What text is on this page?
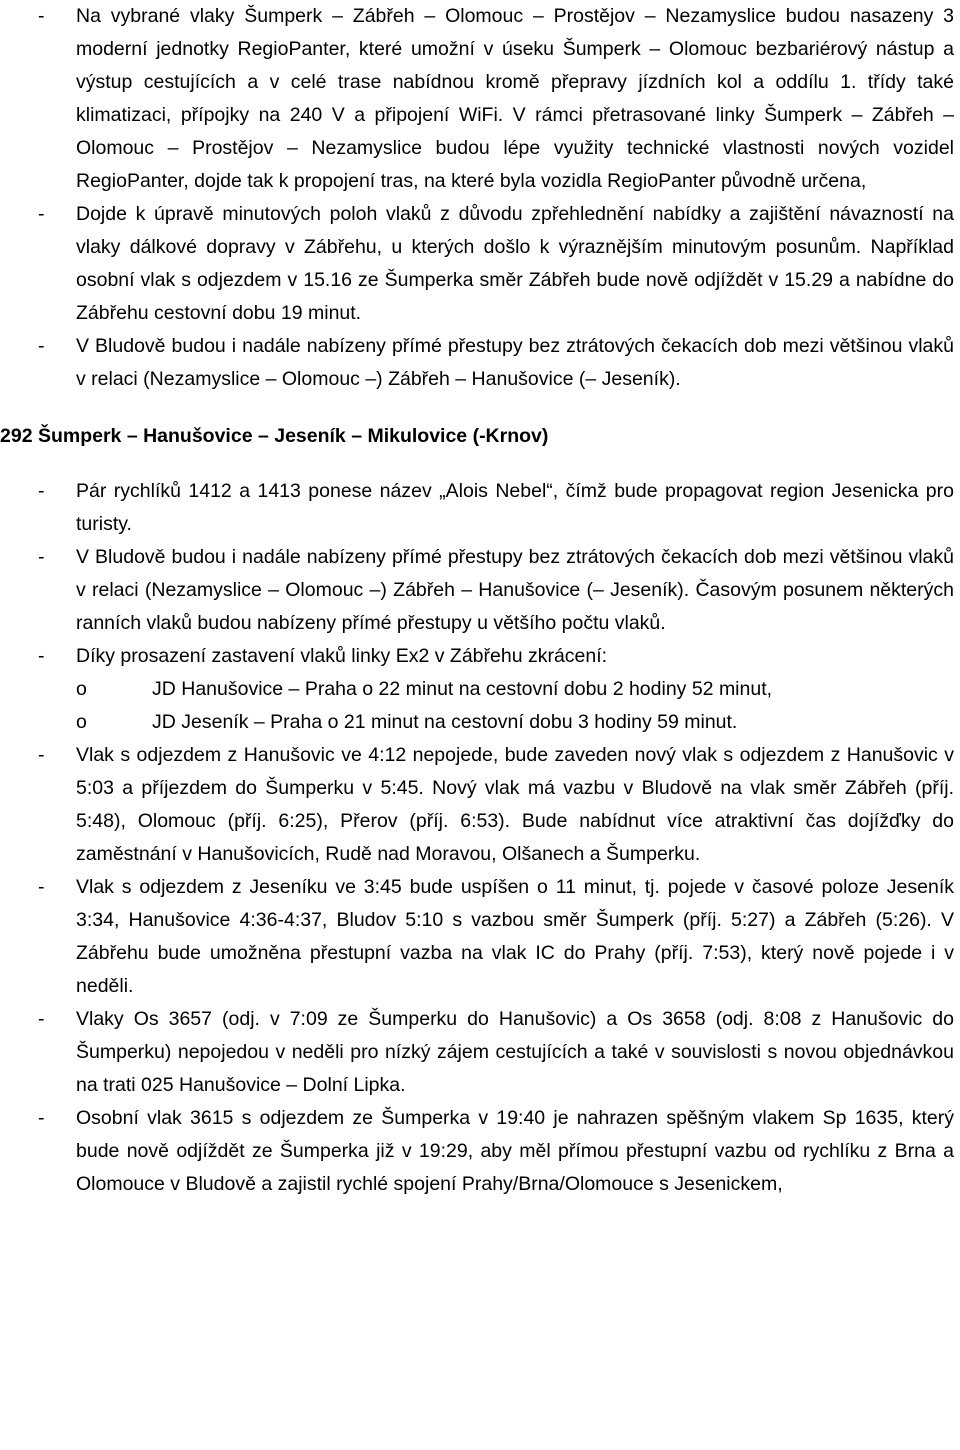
- Na vybrané vlaky Šumperk – Zábřeh – Olomouc – Prostějov – Nezamyslice budou nasazeny 3 moderní jednotky RegioPanter, které umožní v úseku Šumperk – Olomouc bezbariérový nástup a výstup cestujících a v celé trase nabídnou kromě přepravy jízdních kol a oddílu 1. třídy také klimatizaci, přípojky na 240 V a připojení WiFi. V rámci přetrasované linky Šumperk – Zábřeh – Olomouc – Prostějov – Nezamyslice budou lépe využity technické vlastnosti nových vozidel RegioPanter, dojde tak k propojení tras, na které byla vozidla RegioPanter původně určena,
- Dojde k úpravě minutových poloh vlaků z důvodu zpřehlednění nabídky a zajištění návazností na vlaky dálkové dopravy v Zábřehu, u kterých došlo k výraznějším minutovým posunům. Například osobní vlak s odjezdem v 15.16 ze Šumperka směr Zábřeh bude nově odjíždět v 15.29 a nabídne do Zábřehu cestovní dobu 19 minut.
- V Bludově budou i nadále nabízeny přímé přestupy bez ztrátových čekacích dob mezi většinou vlaků v relaci (Nezamyslice – Olomouc –) Zábřeh – Hanušovice (– Jeseník).
292 Šumperk – Hanušovice – Jeseník – Mikulovice (-Krnov)
- Pár rychlíků 1412 a 1413 ponese název „Alois Nebel“, čímž bude propagovat region Jesenicka pro turisty.
- V Bludově budou i nadále nabízeny přímé přestupy bez ztrátových čekacích dob mezi většinou vlaků v relaci (Nezamyslice – Olomouc –) Zábřeh – Hanušovice (– Jeseník). Časovým posunem některých ranních vlaků budou nabízeny přímé přestupy u většího počtu vlaků.
- Díky prosazení zastavení vlaků linky Ex2 v Zábřehu zkrácení:
o	JD Hanušovice – Praha o 22 minut na cestovní dobu 2 hodiny 52 minut,
o	JD Jeseník – Praha o 21 minut na cestovní dobu 3 hodiny 59 minut.
- Vlak s odjezdem z Hanušovic ve 4:12 nepojede, bude zaveden nový vlak s odjezdem z Hanušovic v 5:03 a příjezdem do Šumperku v 5:45. Nový vlak má vazbu v Bludově na vlak směr Zábřeh (příj. 5:48), Olomouc (příj. 6:25), Přerov (příj. 6:53). Bude nabídnut více atraktivní čas dojížďky do zaměstnání v Hanušovicích, Rudě nad Moravou, Olšanech a Šumperku.
- Vlak s odjezdem z Jeseníku ve 3:45 bude uspíšen o 11 minut, tj. pojede v časové poloze Jeseník 3:34, Hanušovice 4:36-4:37, Bludov 5:10 s vazbou směr Šumperk (příj. 5:27) a Zábřeh (5:26). V Zábřehu bude umožněna přestupní vazba na vlak IC do Prahy (příj. 7:53), který nově pojede i v neděli.
- Vlaky Os 3657 (odj. v 7:09 ze Šumperku do Hanušovic) a Os 3658 (odj. 8:08 z Hanušovic do Šumperku) nepojedou v neděli pro nízký zájem cestujících a také v souvislosti s novou objednávkou na trati 025 Hanušovice – Dolní Lipka.
- Osobní vlak 3615 s odjezdem ze Šumperka v 19:40 je nahrazen spěšným vlakem Sp 1635, který bude nově odjíždět ze Šumperka již v 19:29, aby měl přímou přestupní vazbu od rychlíku z Brna a Olomouce v Bludově a zajistil rychlé spojení Prahy/Brna/Olomouce s Jesenickem,
